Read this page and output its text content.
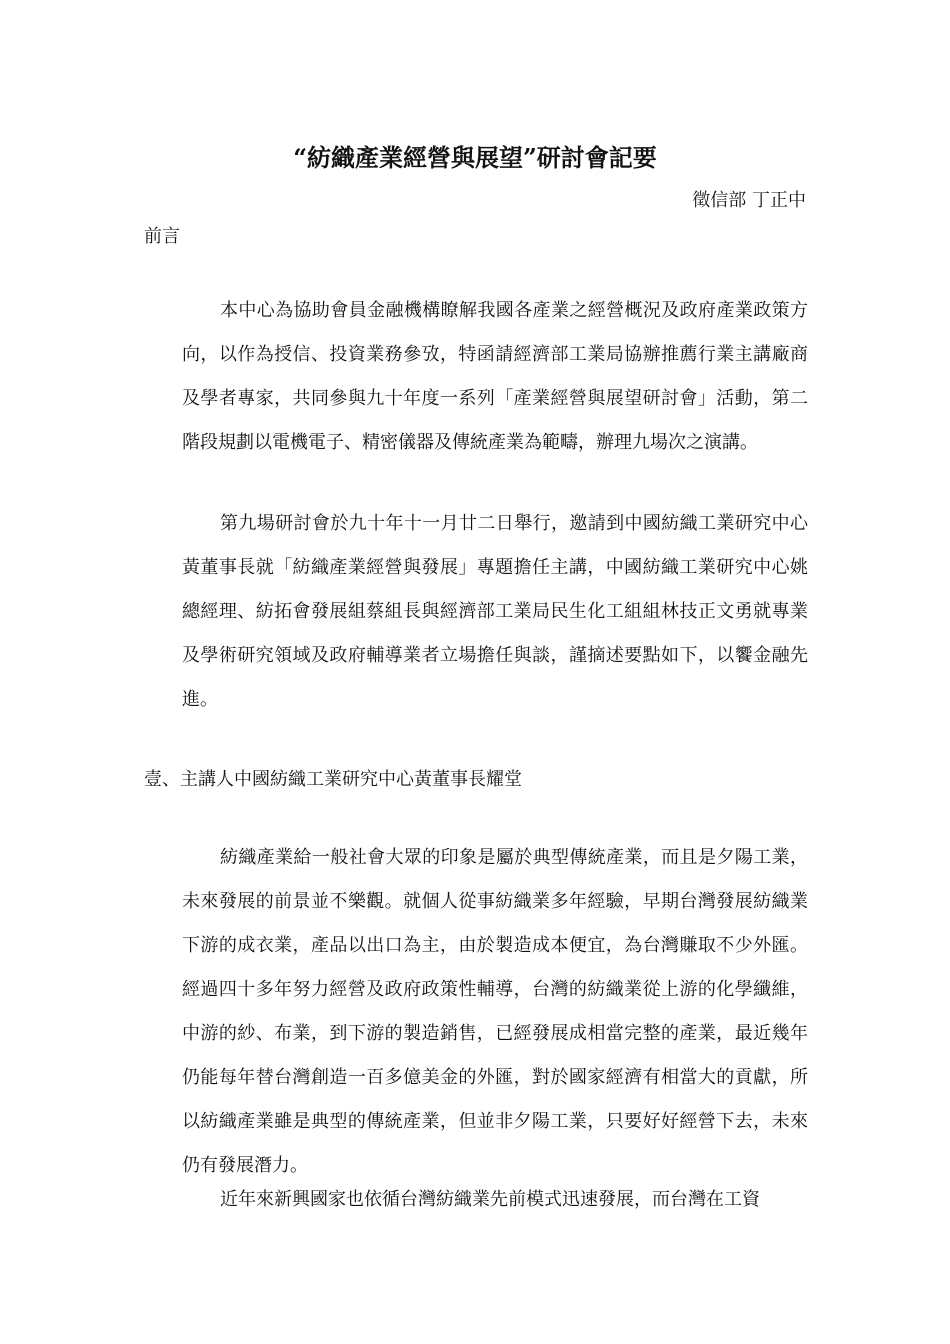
“紡織產業經營與展望”研討會記要
徵信部 丁正中
前言

本中心為協助會員金融機構瞭解我國各產業之經營概況及政府產業政策方向，以作為授信、投資業務參攷，特函請經濟部工業局協辦推薦行業主講廠商及學者專家，共同參與九十年度一系列「產業經營與展望研討會」活動，第二階段規劃以電機電子、精密儀器及傳統產業為範疇，辦理九場次之演講。

第九場研討會於九十年十一月廿二日舉行，邀請到中國紡織工業研究中心黃董事長就「紡織產業經營與發展」專題擔任主講，中國紡織工業研究中心姚總經理、紡拓會發展組蔡組長與經濟部工業局民生化工組組林技正文勇就專業及學術研究領域及政府輔導業者立場擔任與談，謹摘述要點如下，以饗金融先進。

壹、主講人中國紡織工業研究中心黃董事長耀堂

紡織產業給一般社會大眾的印象是屬於典型傳統產業，而且是夕陽工業，未來發展的前景並不樂觀。就個人從事紡織業多年經驗，早期台灣發展紡織業下游的成衣業，產品以出口為主，由於製造成本便宜，為台灣賺取不少外匯。經過四十多年努力經營及政府政策性輔導，台灣的紡織業從上游的化學纖維，中游的紗、布業，到下游的製造銷售，已經發展成相當完整的產業，最近幾年仍能每年替台灣創造一百多億美金的外匯，對於國家經濟有相當大的貢獻，所以紡織產業雖是典型的傳統產業，但並非夕陽工業，只要好好經營下去，未來仍有發展潛力。

近年來新興國家也依循台灣紡織業先前模式迅速發展，而台灣在工資
